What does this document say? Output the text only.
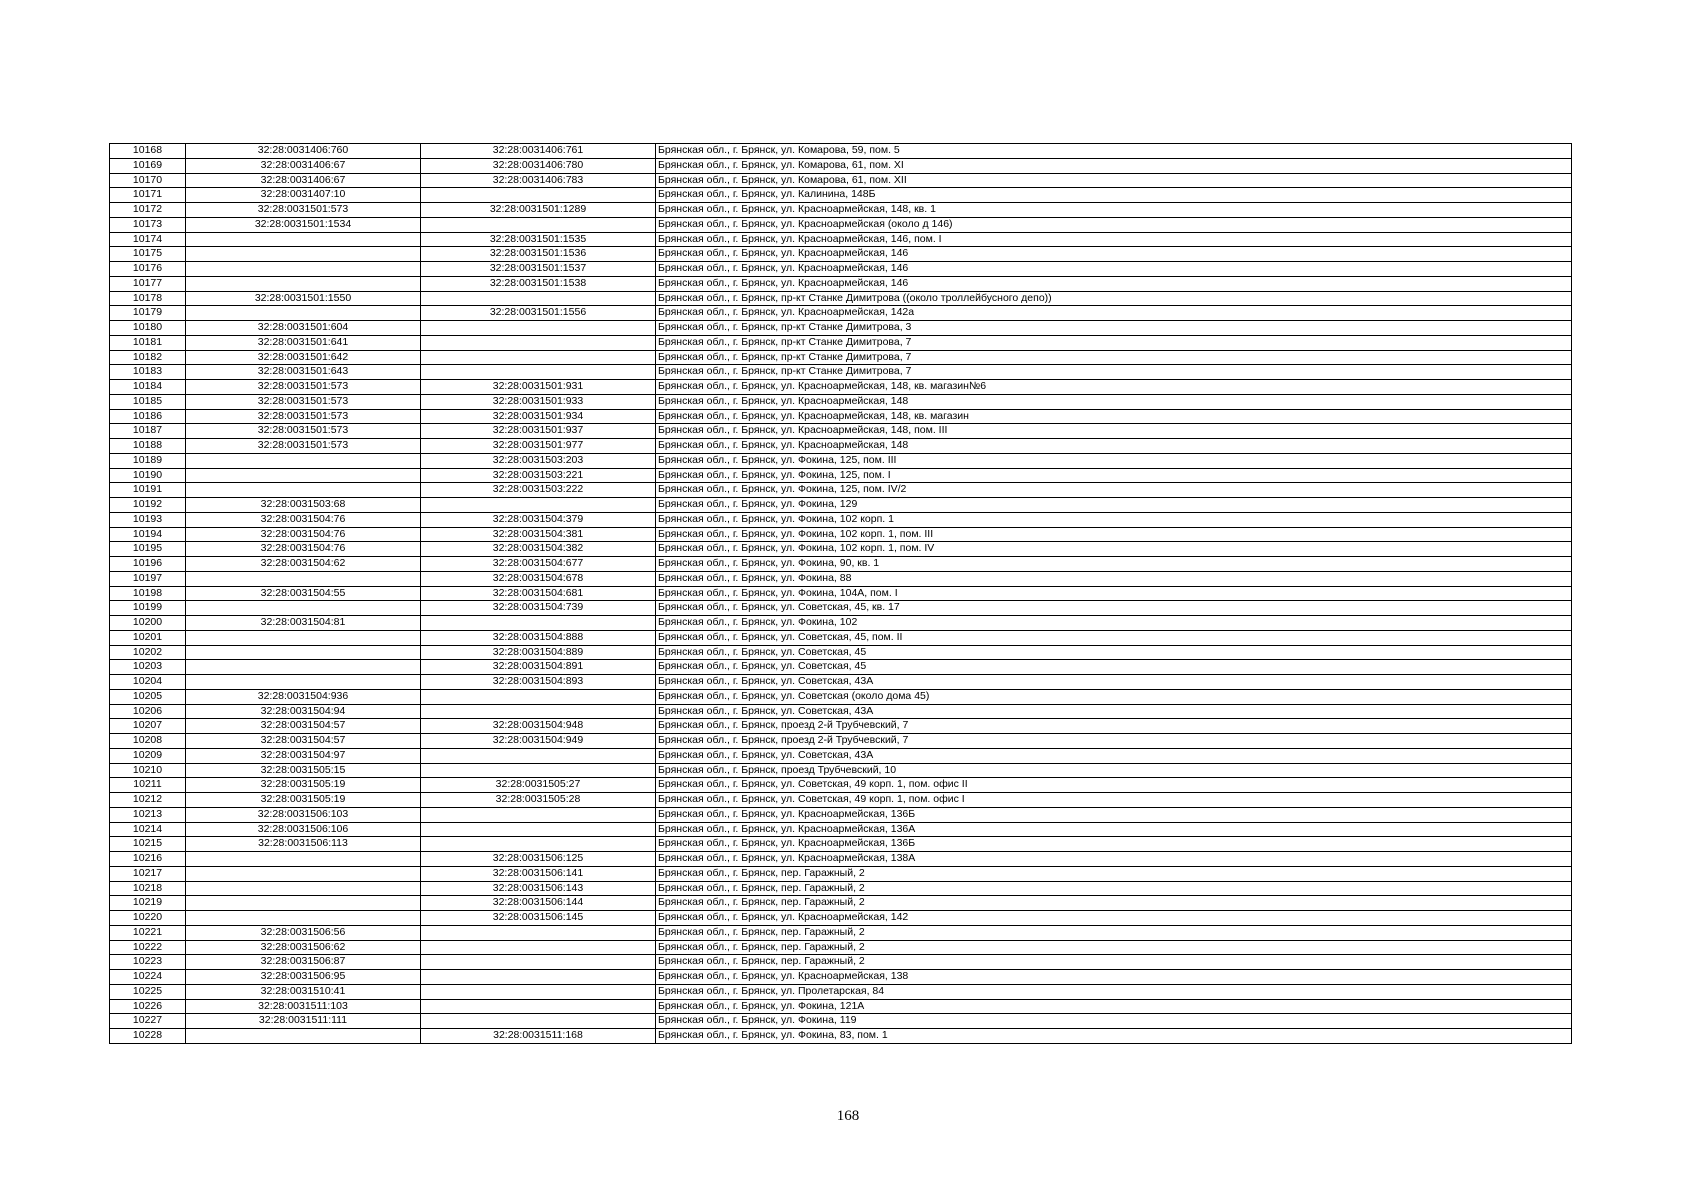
10168	32:28:0031406:760	32:28:0031406:761	Брянская обл., г. Брянск, ул. Комарова, 59, пом. 5
10169	32:28:0031406:67	32:28:0031406:780	Брянская обл., г. Брянск, ул. Комарова, 61, пом. XI
10170	32:28:0031406:67	32:28:0031406:783	Брянская обл., г. Брянск, ул. Комарова, 61, пом. XII
10171	32:28:0031407:10		Брянская обл., г. Брянск, ул. Калинина, 148Б
10172	32:28:0031501:573	32:28:0031501:1289	Брянская обл., г. Брянск, ул. Красноармейская, 148, кв. 1
10173	32:28:0031501:1534		Брянская обл., г. Брянск, ул. Красноармейская (около д 146)
10174		32:28:0031501:1535	Брянская обл., г. Брянск, ул. Красноармейская, 146, пом. I
10175		32:28:0031501:1536	Брянская обл., г. Брянск, ул. Красноармейская, 146
10176		32:28:0031501:1537	Брянская обл., г. Брянск, ул. Красноармейская, 146
10177		32:28:0031501:1538	Брянская обл., г. Брянск, ул. Красноармейская, 146
10178	32:28:0031501:1550		Брянская обл., г. Брянск, пр-кт Станке Димитрова ((около троллейбусного депо))
10179		32:28:0031501:1556	Брянская обл., г. Брянск, ул. Красноармейская, 142а
10180	32:28:0031501:604		Брянская обл., г. Брянск, пр-кт Станке Димитрова, 3
10181	32:28:0031501:641		Брянская обл., г. Брянск, пр-кт Станке Димитрова, 7
10182	32:28:0031501:642		Брянская обл., г. Брянск, пр-кт Станке Димитрова, 7
10183	32:28:0031501:643		Брянская обл., г. Брянск, пр-кт Станке Димитрова, 7
10184	32:28:0031501:573	32:28:0031501:931	Брянская обл., г. Брянск, ул. Красноармейская, 148, кв. магазин№6
10185	32:28:0031501:573	32:28:0031501:933	Брянская обл., г. Брянск, ул. Красноармейская, 148
10186	32:28:0031501:573	32:28:0031501:934	Брянская обл., г. Брянск, ул. Красноармейская, 148, кв. магазин
10187	32:28:0031501:573	32:28:0031501:937	Брянская обл., г. Брянск, ул. Красноармейская, 148, пом. III
10188	32:28:0031501:573	32:28:0031501:977	Брянская обл., г. Брянск, ул. Красноармейская, 148
10189		32:28:0031503:203	Брянская обл., г. Брянск, ул. Фокина, 125, пом. III
10190		32:28:0031503:221	Брянская обл., г. Брянск, ул. Фокина, 125, пом. I
10191		32:28:0031503:222	Брянская обл., г. Брянск, ул. Фокина, 125, пом. IV/2
10192	32:28:0031503:68		Брянская обл., г. Брянск, ул. Фокина, 129
10193	32:28:0031504:76	32:28:0031504:379	Брянская обл., г. Брянск, ул. Фокина, 102 корп. 1
10194	32:28:0031504:76	32:28:0031504:381	Брянская обл., г. Брянск, ул. Фокина, 102 корп. 1, пом. III
10195	32:28:0031504:76	32:28:0031504:382	Брянская обл., г. Брянск, ул. Фокина, 102 корп. 1, пом. IV
10196	32:28:0031504:62	32:28:0031504:677	Брянская обл., г. Брянск, ул. Фокина, 90, кв. 1
10197		32:28:0031504:678	Брянская обл., г. Брянск, ул. Фокина, 88
10198	32:28:0031504:55	32:28:0031504:681	Брянская обл., г. Брянск, ул. Фокина, 104А, пом. I
10199		32:28:0031504:739	Брянская обл., г. Брянск, ул. Советская, 45, кв. 17
10200	32:28:0031504:81		Брянская обл., г. Брянск, ул. Фокина, 102
10201		32:28:0031504:888	Брянская обл., г. Брянск, ул. Советская, 45, пом. II
10202		32:28:0031504:889	Брянская обл., г. Брянск, ул. Советская, 45
10203		32:28:0031504:891	Брянская обл., г. Брянск, ул. Советская, 45
10204		32:28:0031504:893	Брянская обл., г. Брянск, ул. Советская, 43А
10205	32:28:0031504:936		Брянская обл., г. Брянск, ул. Советская (около дома 45)
10206	32:28:0031504:94		Брянская обл., г. Брянск, ул. Советская, 43А
10207	32:28:0031504:57	32:28:0031504:948	Брянская обл., г. Брянск, проезд 2-й Трубчевский, 7
10208	32:28:0031504:57	32:28:0031504:949	Брянская обл., г. Брянск, проезд 2-й Трубчевский, 7
10209	32:28:0031504:97		Брянская обл., г. Брянск, ул. Советская, 43А
10210	32:28:0031505:15		Брянская обл., г. Брянск, проезд Трубчевский, 10
10211	32:28:0031505:19	32:28:0031505:27	Брянская обл., г. Брянск, ул. Советская, 49 корп. 1, пом. офис II
10212	32:28:0031505:19	32:28:0031505:28	Брянская обл., г. Брянск, ул. Советская, 49 корп. 1, пом. офис I
10213	32:28:0031506:103		Брянская обл., г. Брянск, ул. Красноармейская, 136Б
10214	32:28:0031506:106		Брянская обл., г. Брянск, ул. Красноармейская, 136А
10215	32:28:0031506:113		Брянская обл., г. Брянск, ул. Красноармейская, 136Б
10216		32:28:0031506:125	Брянская обл., г. Брянск, ул. Красноармейская, 138А
10217		32:28:0031506:141	Брянская обл., г. Брянск, пер. Гаражный, 2
10218		32:28:0031506:143	Брянская обл., г. Брянск, пер. Гаражный, 2
10219		32:28:0031506:144	Брянская обл., г. Брянск, пер. Гаражный, 2
10220		32:28:0031506:145	Брянская обл., г. Брянск, ул. Красноармейская, 142
10221	32:28:0031506:56		Брянская обл., г. Брянск, пер. Гаражный, 2
10222	32:28:0031506:62		Брянская обл., г. Брянск, пер. Гаражный, 2
10223	32:28:0031506:87		Брянская обл., г. Брянск, пер. Гаражный, 2
10224	32:28:0031506:95		Брянская обл., г. Брянск, ул. Красноармейская, 138
10225	32:28:0031510:41		Брянская обл., г. Брянск, ул. Пролетарская, 84
10226	32:28:0031511:103		Брянская обл., г. Брянск, ул. Фокина, 121А
10227	32:28:0031511:111		Брянская обл., г. Брянск, ул. Фокина, 119
10228		32:28:0031511:168	Брянская обл., г. Брянск, ул. Фокина, 83, пом. 1
168
